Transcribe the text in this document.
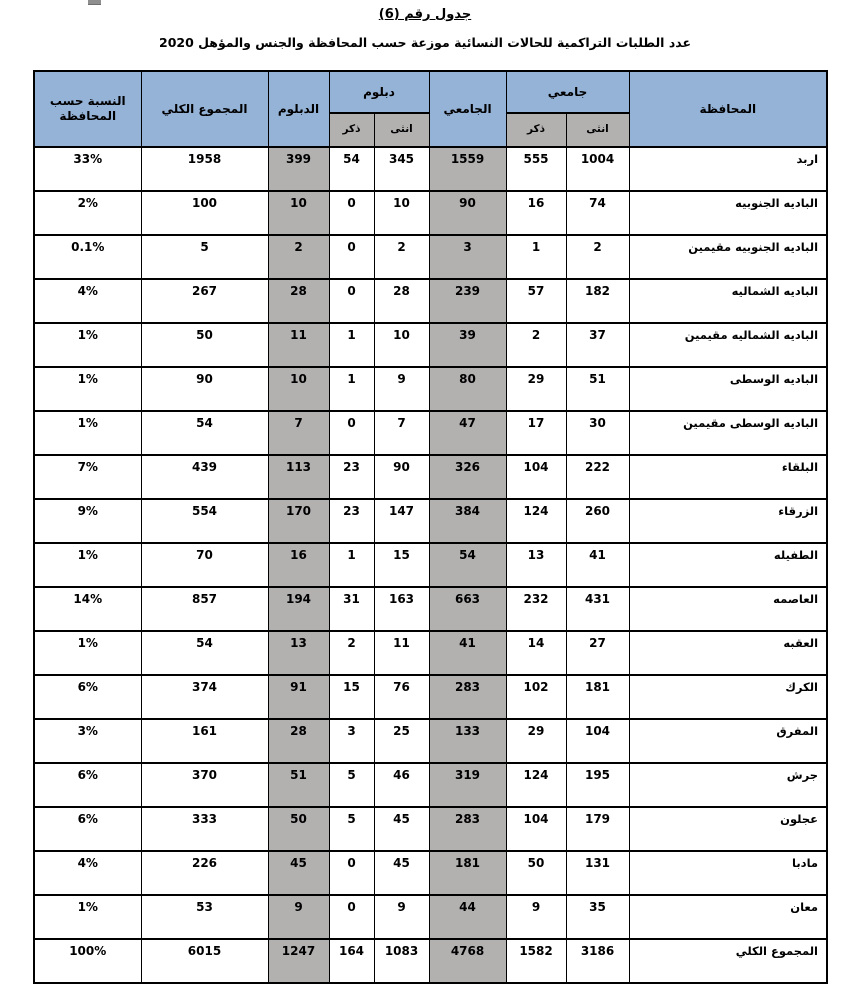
جدول رقم (6)
عدد الطلبات التراكمية للحالات النسائية موزعة حسب المحافظة والجنس والمؤهل 2020
المحافظة	جامعي		الجامعي	دبلوم		الدبلوم	المجموع الكلي	النسبة حسب المحافظة
	انثى	ذكر		انثى	ذكر			
اربد	1004	555	1559	345	54	399	1958	33%
الباديه الجنوبيه	74	16	90	10	0	10	100	2%
الباديه الجنوبيه مقيمين	2	1	3	2	0	2	5	0.1%
الباديه الشماليه	182	57	239	28	0	28	267	4%
الباديه الشماليه مقيمين	37	2	39	10	1	11	50	1%
الباديه الوسطى	51	29	80	9	1	10	90	1%
الباديه الوسطى مقيمين	30	17	47	7	0	7	54	1%
البلقاء	222	104	326	90	23	113	439	7%
الزرقاء	260	124	384	147	23	170	554	9%
الطفيله	41	13	54	15	1	16	70	1%
العاصمه	431	232	663	163	31	194	857	14%
العقبه	27	14	41	11	2	13	54	1%
الكرك	181	102	283	76	15	91	374	6%
المفرق	104	29	133	25	3	28	161	3%
جرش	195	124	319	46	5	51	370	6%
عجلون	179	104	283	45	5	50	333	6%
مادبا	131	50	181	45	0	45	226	4%
معان	35	9	44	9	0	9	53	1%
المجموع الكلي	3186	1582	4768	1083	164	1247	6015	100%
